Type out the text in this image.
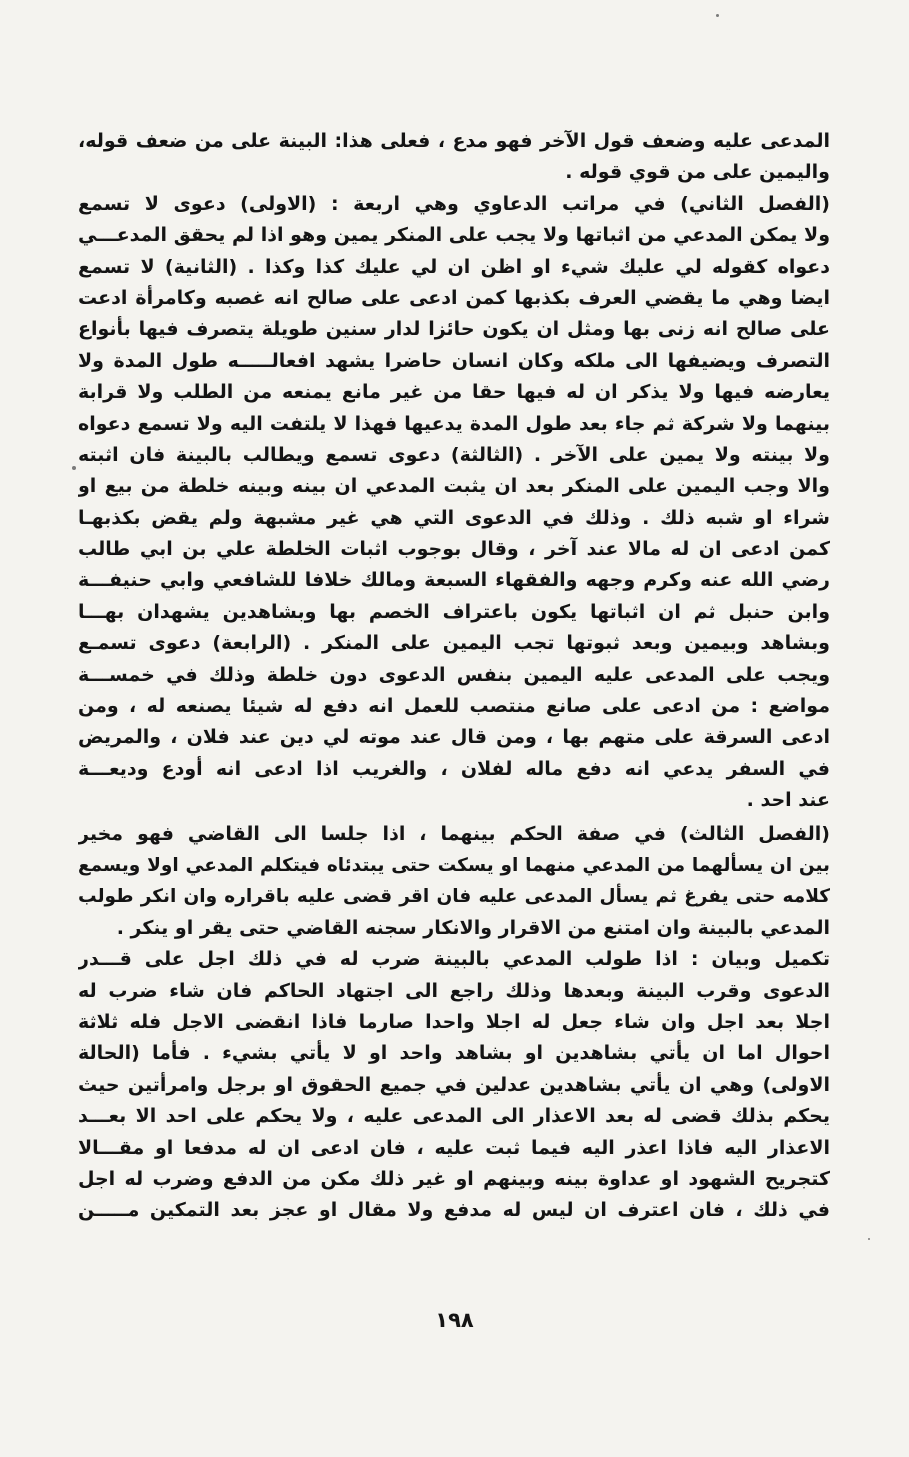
المدعى عليه وضعف قول الآخر فهو مدع ، فعلى هذا: البينة على من ضعف قوله،
واليمين على من قوي قوله .
(الفصل الثاني) في مراتب الدعاوي وهي اربعة : (الاولى) دعوى لا تسمع
ولا يمكن المدعي من اثباتها ولا يجب على المنكر يمين وهو اذا لم يحقق المدعـــي
دعواه كقوله لي عليك شيء او اظن ان لي عليك كذا وكذا . (الثانية) لا تسمع
ايضا وهي ما يقضي العرف بكذبها كمن ادعى على صالح انه غصبه وكامرأة ادعت
على صالح انه زنى بها ومثل ان يكون حائزا لدار سنين طويلة يتصرف فيها بأنواع
التصرف ويضيفها الى ملكه وكان انسان حاضرا يشهد افعالـــــه طول المدة ولا
يعارضه فيها ولا يذكر ان له فيها حقا من غير مانع يمنعه من الطلب ولا قرابة
بينهما ولا شركة ثم جاء بعد طول المدة يدعيها فهذا لا يلتفت اليه ولا تسمع دعواه
ولا بينته ولا يمين على الآخر . (الثالثة) دعوى تسمع ويطالب بالبينة فان اثبته
والا وجب اليمين على المنكر بعد ان يثبت المدعي ان بينه وبينه خلطة من بيع او
شراء او شبه ذلك . وذلك في الدعوى التي هي غير مشبهة ولم يقض بكذبهـا
كمن ادعى ان له مالا عند آخر ، وقال بوجوب اثبات الخلطة علي بن ابي طالب
رضي الله عنه وكرم وجهه والفقهاء السبعة ومالك خلافا للشافعي وابي حنيفـــة
وابن حنبل ثم ان اثباتها يكون باعتراف الخصم بها وبشاهدين يشهدان بهـــا
وبشاهد وبيمين وبعد ثبوتها تجب اليمين على المنكر . (الرابعة) دعوى تسمـع
ويجب على المدعى عليه اليمين بنفس الدعوى دون خلطة وذلك في خمســـة
مواضع : من ادعى على صانع منتصب للعمل انه دفع له شيئا يصنعه له ، ومن
ادعى السرقة على متهم بها ، ومن قال عند موته لي دين عند فلان ، والمريض
في السفر يدعي انه دفع ماله لفلان ، والغريب اذا ادعى انه أودع وديعـــة
عند احد .
(الفصل الثالث) في صفة الحكم بينهما ، اذا جلسا الى القاضي فهو مخير
بين ان يسألهما من المدعي منهما او يسكت حتى يبتدئاه فيتكلم المدعي اولا ويسمع
كلامه حتى يفرغ ثم يسأل المدعى عليه فان اقر قضى عليه باقراره وان انكر طولب
المدعي بالبينة وان امتنع من الاقرار والانكار سجنه القاضي حتى يقر او ينكر .
تكميل وبيان : اذا طولب المدعي بالبينة ضرب له في ذلك اجل على قـــدر
الدعوى وقرب البينة وبعدها وذلك راجع الى اجتهاد الحاكم فان شاء ضرب له
اجلا بعد اجل وان شاء جعل له اجلا واحدا صارما فاذا انقضى الاجل فله ثلاثة
احوال اما ان يأتي بشاهدين او بشاهد واحد او لا يأتي بشيء . فأما (الحالة
الاولى) وهي ان يأتي بشاهدين عدلين في جميع الحقوق او برجل وامرأتين حيث
يحكم بذلك قضى له بعد الاعذار الى المدعى عليه ، ولا يحكم على احد الا بعـــد
الاعذار اليه فاذا اعذر اليه فيما ثبت عليه ، فان ادعى ان له مدفعا او مقـــالا
كتجريح الشهود او عداوة بينه وبينهم او غير ذلك مكن من الدفع وضرب له اجل
في ذلك ، فان اعترف ان ليس له مدفع ولا مقال او عجز بعد التمكين مـــــن
١٩٨
